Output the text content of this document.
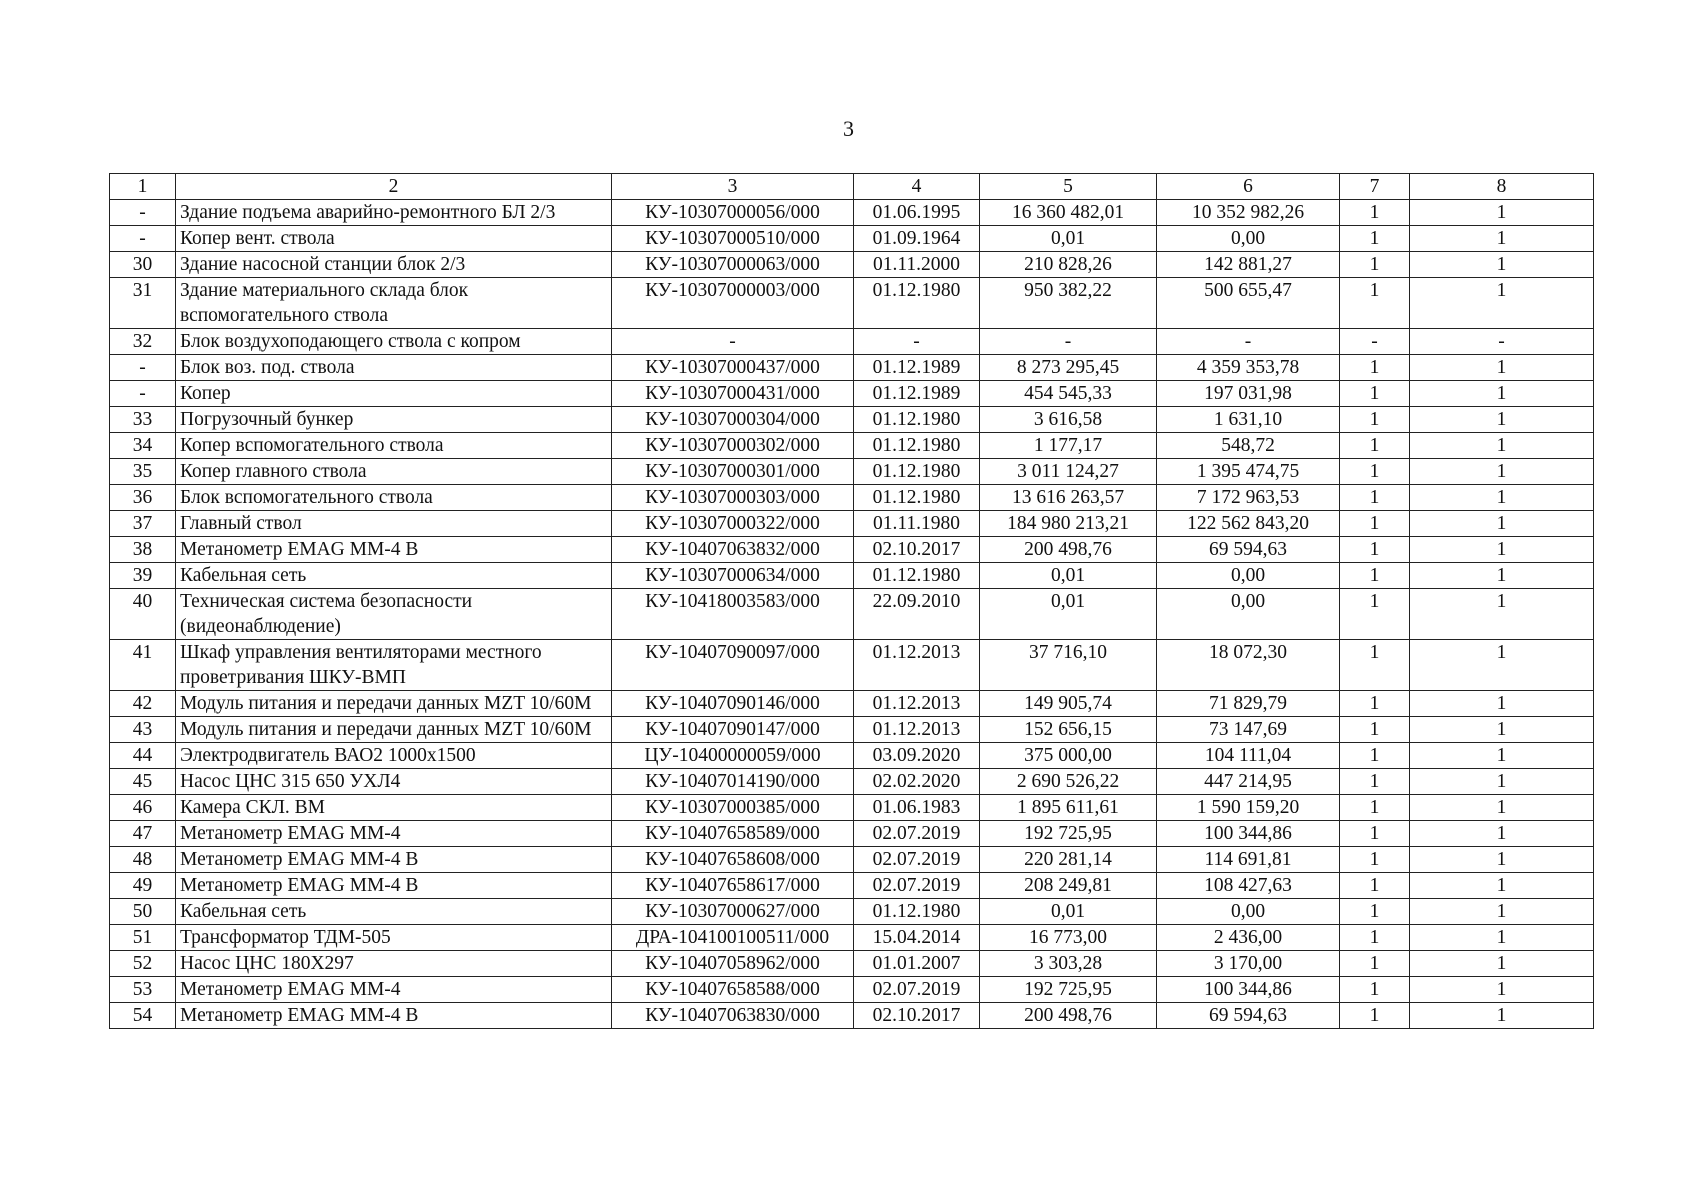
3
1	2	3	4	5	6	7	8
-	Здание подъема аварийно-ремонтного БЛ 2/3	КУ-10307000056/000	01.06.1995	16 360 482,01	10 352 982,26	1	1
-	Копер вент. ствола	КУ-10307000510/000	01.09.1964	0,01	0,00	1	1
30	Здание насосной станции блок 2/3	КУ-10307000063/000	01.11.2000	210 828,26	142 881,27	1	1
31	Здание материального склада блок вспомогательного ствола	КУ-10307000003/000	01.12.1980	950 382,22	500 655,47	1	1
32	Блок воздухоподающего ствола с копром	-	-	-	-	-	-
-	Блок воз. под. ствола	КУ-10307000437/000	01.12.1989	8 273 295,45	4 359 353,78	1	1
-	Копер	КУ-10307000431/000	01.12.1989	454 545,33	197 031,98	1	1
33	Погрузочный бункер	КУ-10307000304/000	01.12.1980	3 616,58	1 631,10	1	1
34	Копер вспомогательного ствола	КУ-10307000302/000	01.12.1980	1 177,17	548,72	1	1
35	Копер главного ствола	КУ-10307000301/000	01.12.1980	3 011 124,27	1 395 474,75	1	1
36	Блок вспомогательного ствола	КУ-10307000303/000	01.12.1980	13 616 263,57	7 172 963,53	1	1
37	Главный ствол	КУ-10307000322/000	01.11.1980	184 980 213,21	122 562 843,20	1	1
38	Метанометр EMAG MM-4 B	КУ-10407063832/000	02.10.2017	200 498,76	69 594,63	1	1
39	Кабельная сеть	КУ-10307000634/000	01.12.1980	0,01	0,00	1	1
40	Техническая система безопасности (видеонаблюдение)	КУ-10418003583/000	22.09.2010	0,01	0,00	1	1
41	Шкаф управления вентиляторами местного проветривания ШКУ-ВМП	КУ-10407090097/000	01.12.2013	37 716,10	18 072,30	1	1
42	Модуль питания и передачи данных MZT 10/60M	КУ-10407090146/000	01.12.2013	149 905,74	71 829,79	1	1
43	Модуль питания и передачи данных MZT 10/60M	КУ-10407090147/000	01.12.2013	152 656,15	73 147,69	1	1
44	Электродвигатель ВАО2 1000х1500	ЦУ-10400000059/000	03.09.2020	375 000,00	104 111,04	1	1
45	Насос ЦНС 315 650 УХЛ4	КУ-10407014190/000	02.02.2020	2 690 526,22	447 214,95	1	1
46	Камера СКЛ. ВМ	КУ-10307000385/000	01.06.1983	1 895 611,61	1 590 159,20	1	1
47	Метанометр EMAG MM-4	КУ-10407658589/000	02.07.2019	192 725,95	100 344,86	1	1
48	Метанометр EMAG MM-4 B	КУ-10407658608/000	02.07.2019	220 281,14	114 691,81	1	1
49	Метанометр EMAG MM-4 B	КУ-10407658617/000	02.07.2019	208 249,81	108 427,63	1	1
50	Кабельная сеть	КУ-10307000627/000	01.12.1980	0,01	0,00	1	1
51	Трансформатор ТДМ-505	ДРА-104100100511/000	15.04.2014	16 773,00	2 436,00	1	1
52	Насос ЦНС 180Х297	КУ-10407058962/000	01.01.2007	3 303,28	3 170,00	1	1
53	Метанометр EMAG MM-4	КУ-10407658588/000	02.07.2019	192 725,95	100 344,86	1	1
54	Метанометр EMAG MM-4 B	КУ-10407063830/000	02.10.2017	200 498,76	69 594,63	1	1
